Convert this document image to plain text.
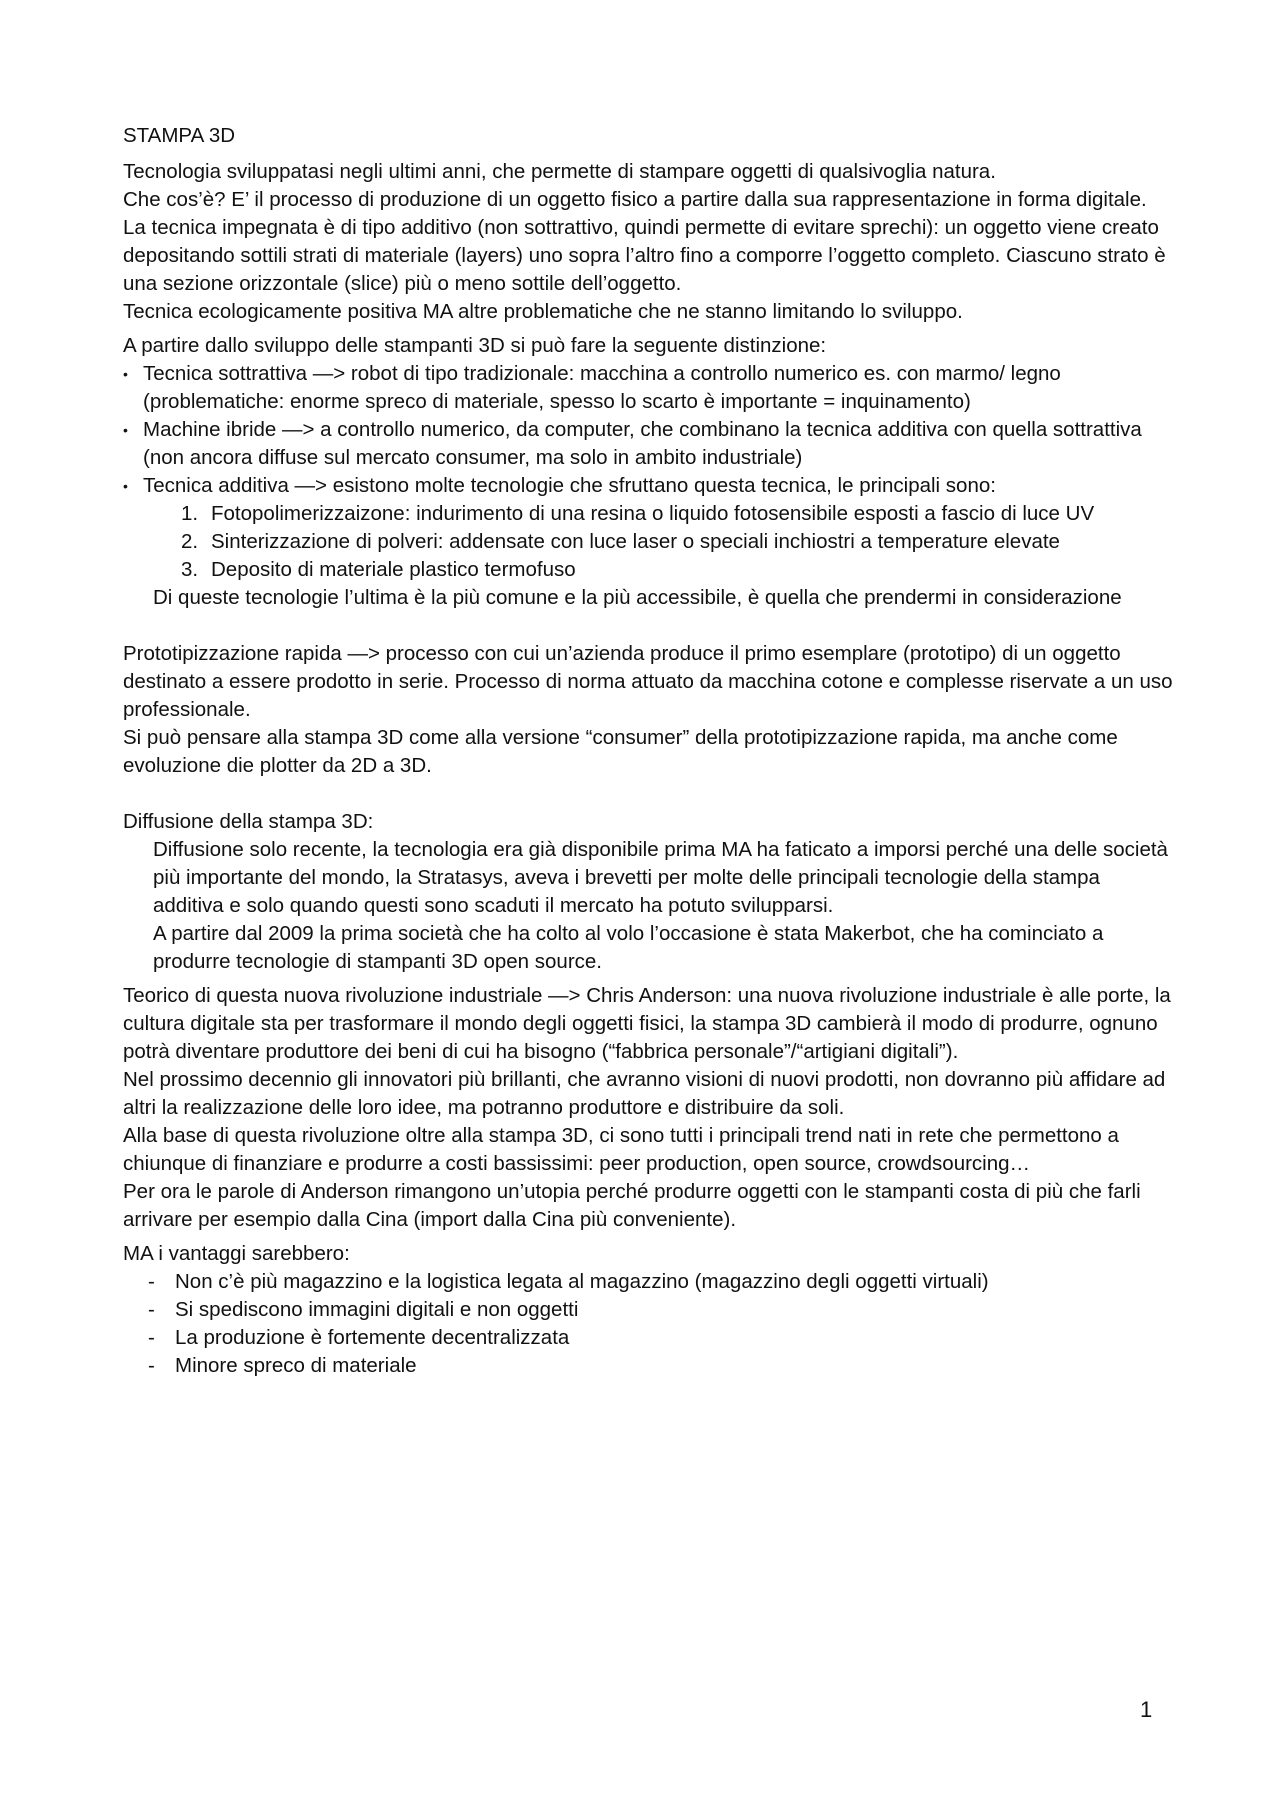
STAMPA 3D

Tecnologia sviluppatasi negli ultimi anni, che permette di stampare oggetti di qualsivoglia natura.

Che cos’è? E’ il processo di produzione di un oggetto fisico a partire dalla sua rappresentazione in forma digitale.

La tecnica impegnata è di tipo additivo (non sottrattivo, quindi permette di evitare sprechi): un oggetto viene creato depositando sottili strati di materiale (layers) uno sopra l’altro fino a comporre l’oggetto completo. Ciascuno strato è una sezione orizzontale (slice) più o meno sottile dell’oggetto.

Tecnica ecologicamente positiva MA altre problematiche che ne stanno limitando lo sviluppo.

A partire dallo sviluppo delle stampanti 3D si può fare la seguente distinzione:

• Tecnica sottrattiva —> robot di tipo tradizionale: macchina a controllo numerico es. con marmo/ legno (problematiche: enorme spreco di materiale, spesso lo scarto è importante = inquinamento)
• Machine ibride —> a controllo numerico, da computer, che combinano la tecnica additiva con quella sottrattiva (non ancora diffuse sul mercato consumer, ma solo in ambito industriale)
• Tecnica additiva —> esistono molte tecnologie che sfruttano questa tecnica, le principali sono:
1. Fotopolimerizzaizone: indurimento di una resina o liquido fotosensibile esposti a fascio di luce UV
2. Sinterizzazione di polveri: addensate con luce laser o speciali inchiostri a temperature elevate
3. Deposito di materiale plastico termofuso

Di queste tecnologie l’ultima è la più comune e la più accessibile, è quella che prendermi in considerazione

Prototipizzazione rapida —> processo con cui un’azienda produce il primo esemplare (prototipo) di un oggetto destinato a essere prodotto in serie. Processo di norma attuato da macchina cotone e complesse riservate a un uso professionale.

Si può pensare alla stampa 3D come alla versione “consumer” della prototipizzazione rapida, ma anche come evoluzione die plotter da 2D a 3D.

Diffusione della stampa 3D:

Diffusione solo recente, la tecnologia era già disponibile prima MA ha faticato a imporsi perché una delle società più importante del mondo, la Stratasys, aveva i brevetti per molte delle principali tecnologie della stampa additiva e solo quando questi sono scaduti il mercato ha potuto svilupparsi.

A partire dal 2009 la prima società che ha colto al volo l’occasione è stata Makerbot, che ha cominciato a produrre tecnologie di stampanti 3D open source.

Teorico di questa nuova rivoluzione industriale —> Chris Anderson: una nuova rivoluzione industriale è alle porte, la cultura digitale sta per trasformare il mondo degli oggetti fisici, la stampa 3D cambierà il modo di produrre, ognuno potrà diventare produttore dei beni di cui ha bisogno (“fabbrica personale”/“artigiani digitali”).

Nel prossimo decennio gli innovatori più brillanti, che avranno visioni di nuovi prodotti, non dovranno più affidare ad altri la realizzazione delle loro idee, ma potranno produttore e distribuire da soli.

Alla base di questa rivoluzione oltre alla stampa 3D, ci sono tutti i principali trend nati in rete che permettono a chiunque di finanziare e produrre a costi bassissimi: peer production, open source, crowdsourcing…

Per ora le parole di Anderson rimangono un’utopia perché produrre oggetti con le stampanti costa di più che farli arrivare per esempio dalla Cina (import dalla Cina più conveniente).

MA i vantaggi sarebbero:

- Non c’è più magazzino e la logistica legata al magazzino (magazzino degli oggetti virtuali)
- Si spediscono immagini digitali e non oggetti
- La produzione è fortemente decentralizzata
- Minore spreco di materiale
1
